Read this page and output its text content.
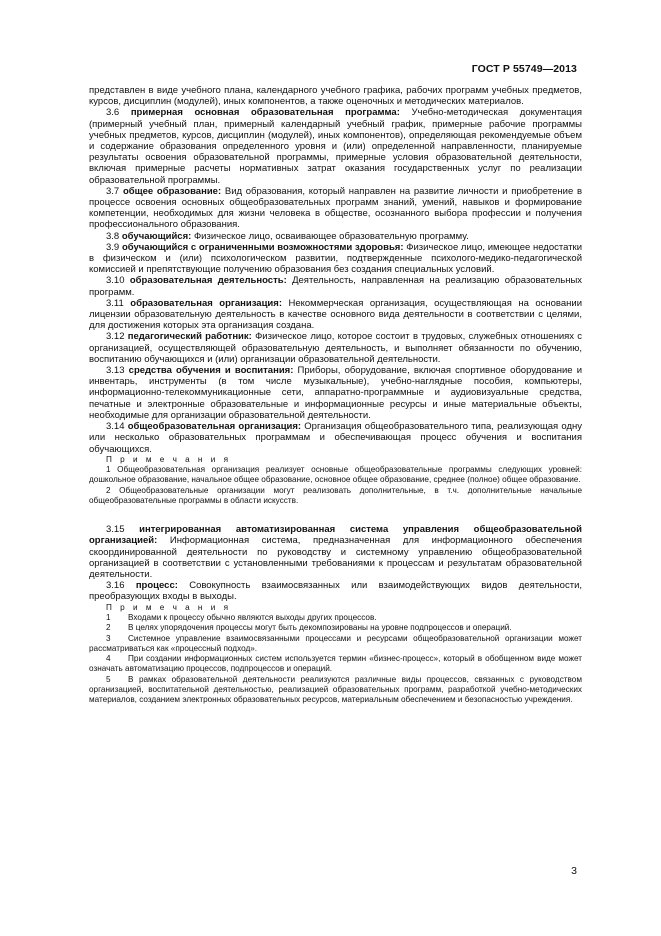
ГОСТ Р 55749—2013

представлен в виде учебного плана, календарного учебного графика, рабочих программ учебных предметов, курсов, дисциплин (модулей), иных компонентов, а также оценочных и методических материалов.

3.6 примерная основная образовательная программа: Учебно-методическая документация (примерный учебный план, примерный календарный учебный график, примерные рабочие программы учебных предметов, курсов, дисциплин (модулей), иных компонентов), определяющая рекомендуемые объем и содержание образования определенного уровня и (или) определенной направленности, планируемые результаты освоения образовательной программы, примерные условия образовательной деятельности, включая примерные расчеты нормативных затрат оказания государственных услуг по реализации образовательной программы.

3.7 общее образование: Вид образования, который направлен на развитие личности и приобретение в процессе освоения основных общеобразовательных программ знаний, умений, навыков и формирование компетенции, необходимых для жизни человека в обществе, осознанного выбора профессии и получения профессионального образования.

3.8 обучающийся: Физическое лицо, осваивающее образовательную программу.

3.9 обучающийся с ограниченными возможностями здоровья: Физическое лицо, имеющее недостатки в физическом и (или) психологическом развитии, подтвержденные психолого-медико-педагогической комиссией и препятствующие получению образования без создания специальных условий.

3.10 образовательная деятельность: Деятельность, направленная на реализацию образовательных программ.

3.11 образовательная организация: Некоммерческая организация, осуществляющая на основании лицензии образовательную деятельность в качестве основного вида деятельности в соответствии с целями, для достижения которых эта организация создана.

3.12 педагогический работник: Физическое лицо, которое состоит в трудовых, служебных отношениях с организацией, осуществляющей образовательную деятельность, и выполняет обязанности по обучению, воспитанию обучающихся и (или) организации образовательной деятельности.

3.13 средства обучения и воспитания: Приборы, оборудование, включая спортивное оборудование и инвентарь, инструменты (в том числе музыкальные), учебно-наглядные пособия, компьютеры, информационно-телекоммуникационные сети, аппаратно-программные и аудиовизуальные средства, печатные и электронные образовательные и информационные ресурсы и иные материальные объекты, необходимые для организации образовательной деятельности.

3.14 общеобразовательная организация: Организация общеобразовательного типа, реализующая одну или несколько образовательных программам и обеспечивающая процесс обучения и воспитания обучающихся.

П р и м е ч а н и я

1 Общеобразовательная организация реализует основные общеобразовательные программы следующих уровней: дошкольное образование, начальное общее образование, основное общее образование, среднее (полное) общее образование.

2 Общеобразовательные организации могут реализовать дополнительные, в т.ч. дополнительные начальные общеобразовательные программы в области искусств.

3.15 интегрированная автоматизированная система управления общеобразовательной организацией: Информационная система, предназначенная для информационного обеспечения скоординированной деятельности по руководству и системному управлению общеобразовательной организацией в соответствии с установленными требованиями к процессам и результатам образовательной деятельности.

3.16 процесс: Совокупность взаимосвязанных или взаимодействующих видов деятельности, преобразующих входы в выходы.

П р и м е ч а н и я

1 Входами к процессу обычно являются выходы других процессов.

2 В целях упорядочения процессы могут быть декомпозированы на уровне подпроцессов и операций.

3 Системное управление взаимосвязанными процессами и ресурсами общеобразовательной организации может рассматриваться как «процессный подход».

4 При создании информационных систем используется термин «бизнес-процесс», который в обобщенном виде может означать автоматизацию процессов, подпроцессов и операций.

5 В рамках образовательной деятельности реализуются различные виды процессов, связанных с руководством организацией, воспитательной деятельностью, реализацией образовательных программ, разработкой учебно-методических материалов, созданием электронных образовательных ресурсов, материальным обеспечением и безопасностью учреждения.

3
